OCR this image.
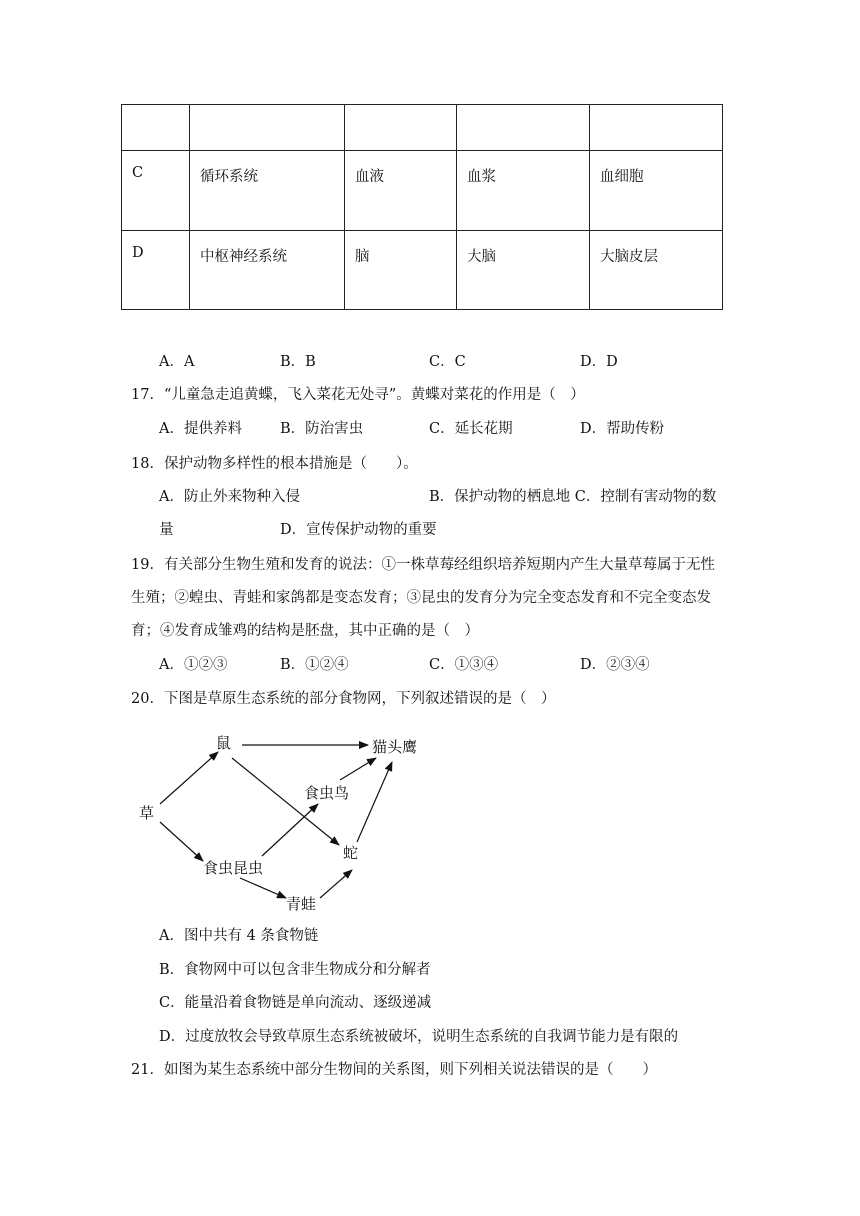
C	循环系统	血液	血浆	血细胞
D	中枢神经系统	脑	大脑	大脑皮层
A．A	B．B	C．C	D．D
17．“儿童急走追黄蝶，飞入菜花无处寻”。黄蝶对菜花的作用是（　）
A．提供养料	B．防治害虫	C．延长花期	D．帮助传粉
18．保护动物多样性的根本措施是（　　）。
A．防止外来物种入侵	B．保护动物的栖息地 C．控制有害动物的数
量	D．宣传保护动物的重要
19．有关部分生物生殖和发育的说法：①一株草莓经组织培养短期内产生大量草莓属于无性
生殖；②蝗虫、青蛙和家鸽都是变态发育；③昆虫的发育分为完全变态发育和不完全变态发
育；④发育成雏鸡的结构是胚盘，其中正确的是（　）
A．①②③	B．①②④	C．①③④	D．②③④
20．下图是草原生态系统的部分食物网，下列叙述错误的是（　）
草
鼠	猫头鹰
食虫鸟
食虫昆虫
蛇
青蛙
A．图中共有 4 条食物链
B．食物网中可以包含非生物成分和分解者
C．能量沿着食物链是单向流动、逐级递减
D．过度放牧会导致草原生态系统被破坏，说明生态系统的自我调节能力是有限的
21．如图为某生态系统中部分生物间的关系图，则下列相关说法错误的是（　　）
